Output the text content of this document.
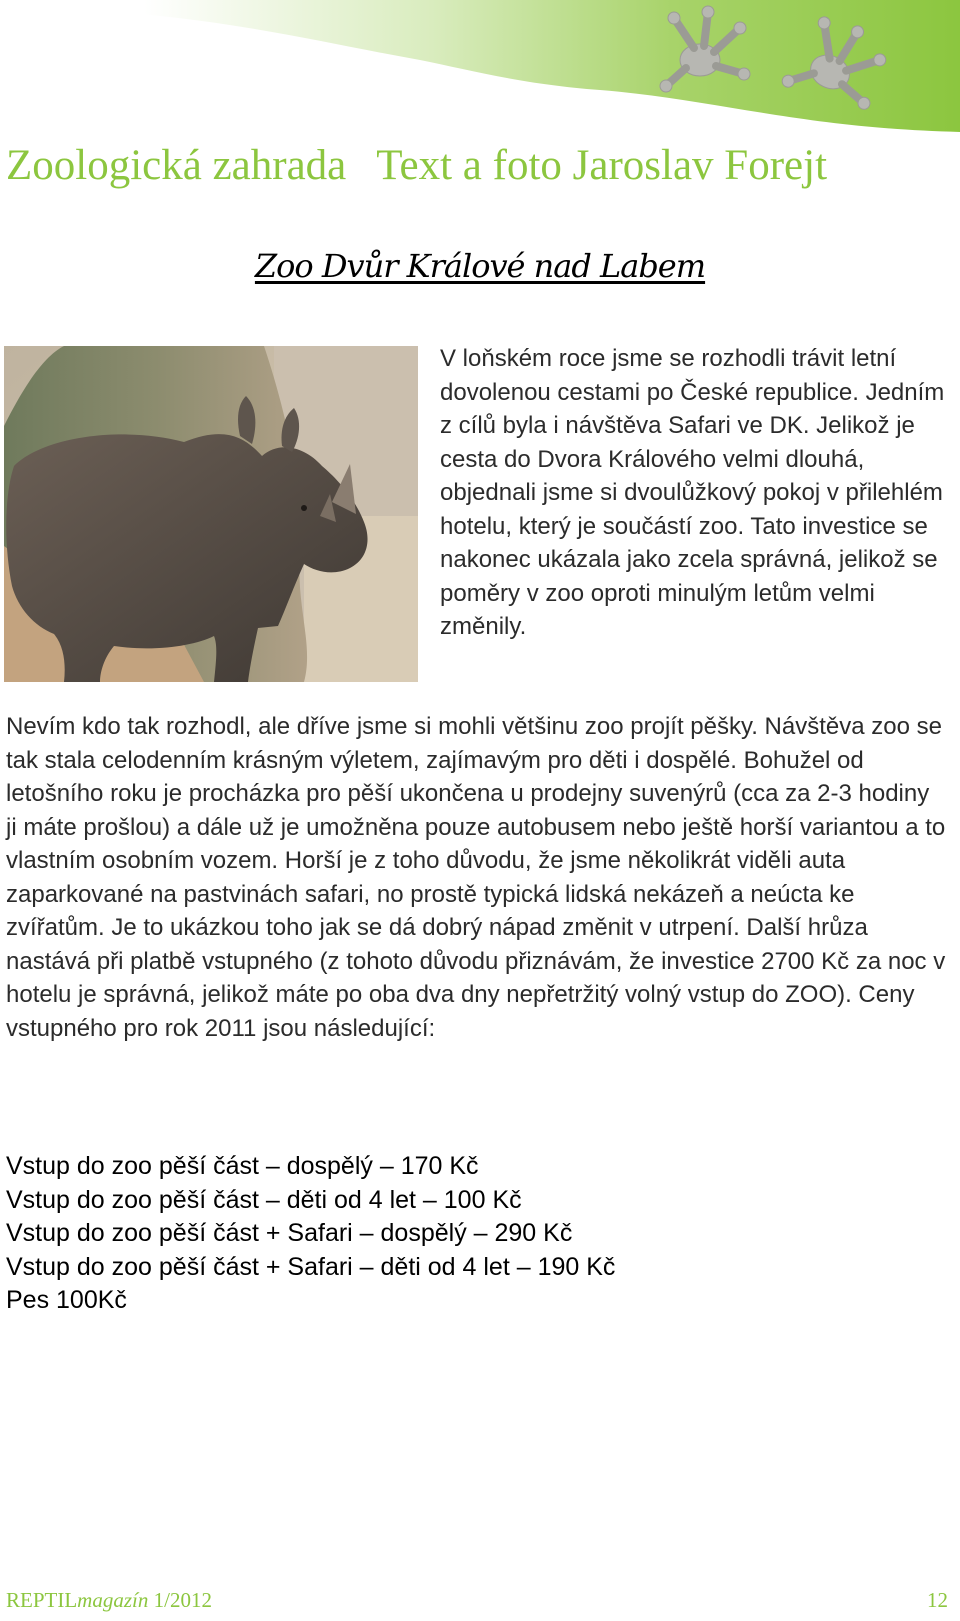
Zoologická zahrada Text a foto Jaroslav Forejt
Zoo Dvůr Králové nad Labem

V loňském roce jsme se rozhodli trávit letní dovolenou cestami po České republice. Jedním z cílů byla i návštěva Safari ve DK. Jelikož je cesta do Dvora Králového velmi dlouhá, objednali jsme si dvoulůžkový pokoj v přilehlém hotelu, který je součástí zoo. Tato investice se nakonec ukázala jako zcela správná, jelikož se poměry v zoo oproti minulým letům velmi změnily.

Nevím kdo tak rozhodl, ale dříve jsme si mohli většinu zoo projít pěšky. Návštěva zoo se tak stala celodenním krásným výletem, zajímavým pro děti i dospělé. Bohužel od letošního roku je procházka pro pěší ukončena u prodejny suvenýrů (cca za 2-3 hodiny ji máte prošlou) a dále už je umožněna pouze autobusem nebo ještě horší variantou a to vlastním osobním vozem. Horší je z toho důvodu, že jsme několikrát viděli auta zaparkované na pastvinách safari, no prostě typická lidská nekázeň a neúcta ke zvířatům. Je to ukázkou toho jak se dá dobrý nápad změnit v utrpení. Další hrůza nastává při platbě vstupného (z tohoto důvodu přiznávám, že investice 2700 Kč za noc v hotelu je správná, jelikož máte po oba dva dny nepřetržitý volný vstup do ZOO). Ceny vstupného pro rok 2011 jsou následující:

Vstup do zoo pěší část – dospělý – 170 Kč
Vstup do zoo pěší část – děti od 4 let – 100 Kč
Vstup do zoo pěší část + Safari – dospělý – 290 Kč
Vstup do zoo pěší část + Safari – děti od 4 let – 190 Kč
Pes 100Kč
REPTILmagazín 1/2012	12
